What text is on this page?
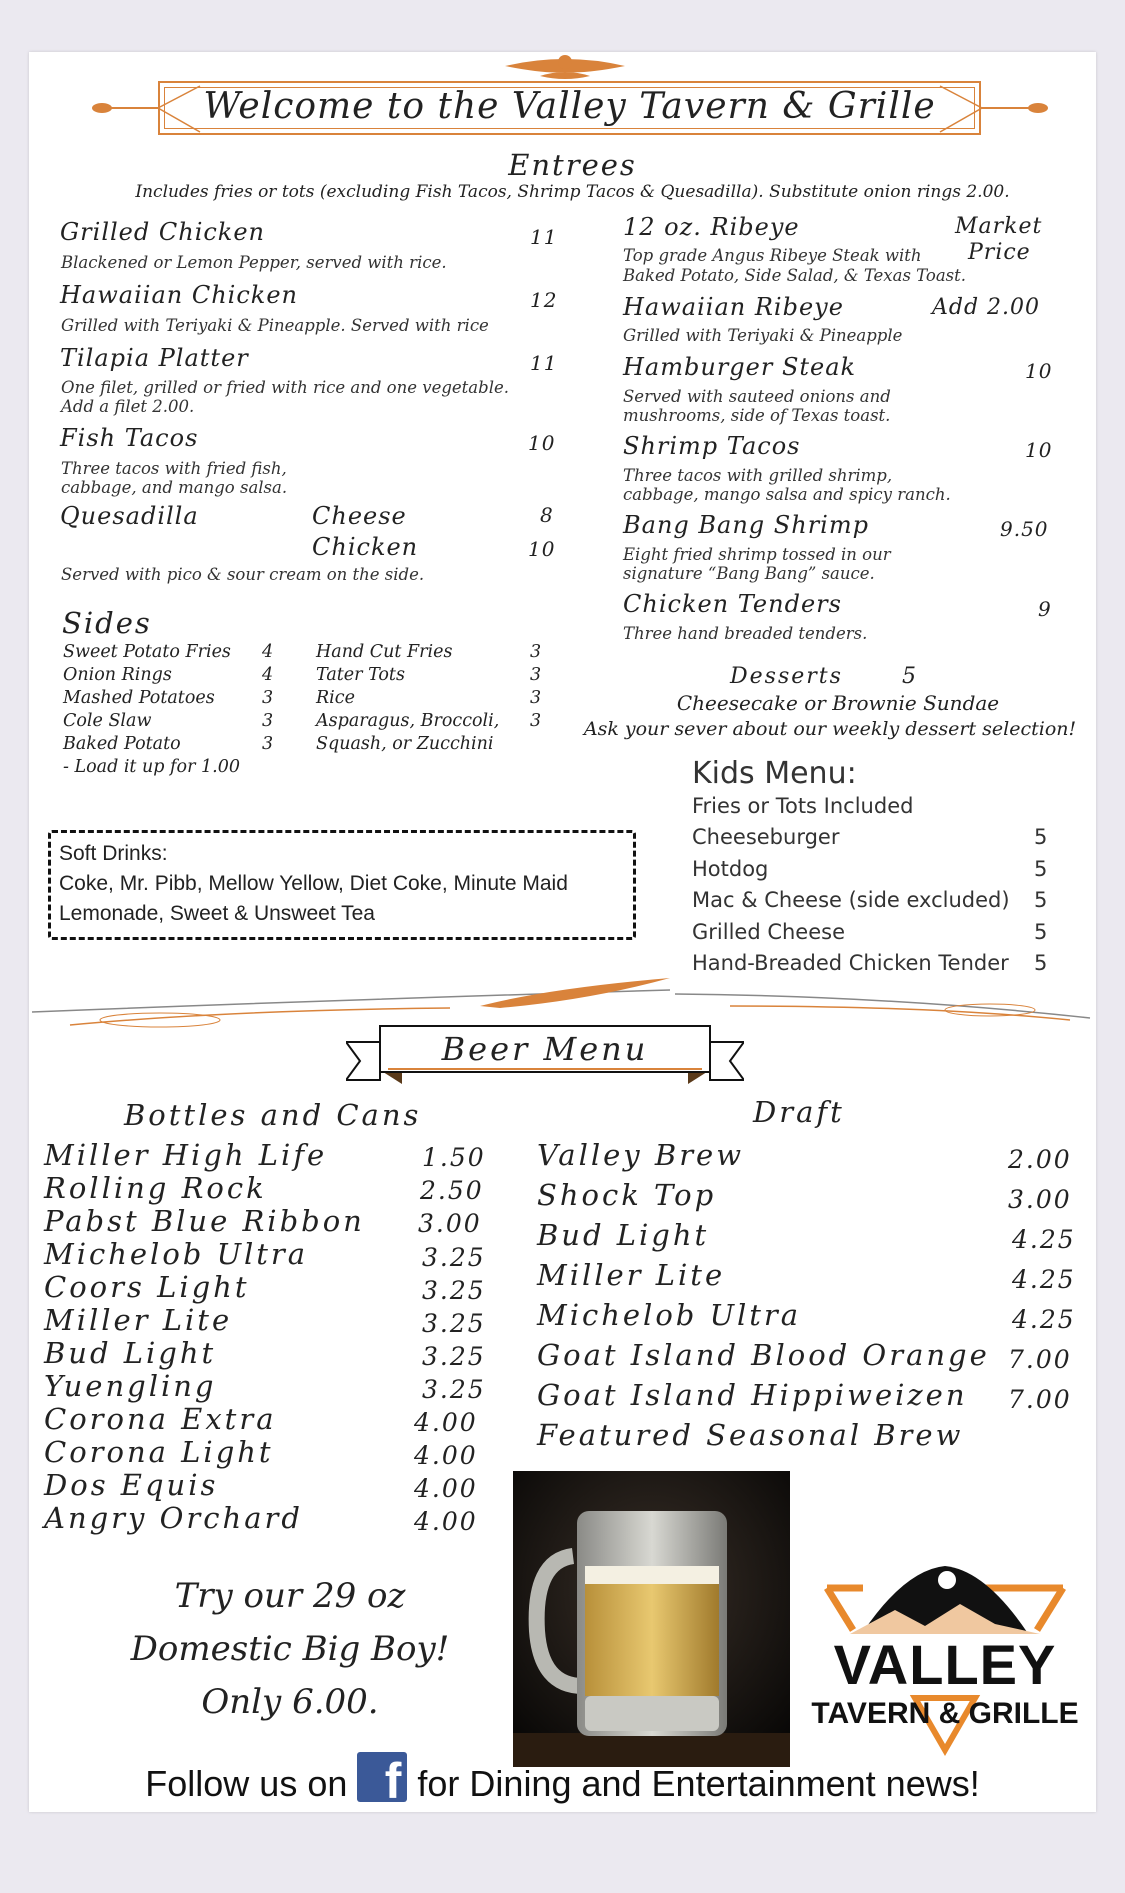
Welcome to the Valley Tavern & Grille
Entrees
Includes fries or tots (excluding Fish Tacos, Shrimp Tacos & Quesadilla). Substitute onion rings 2.00.
Grilled Chicken	11
Blackened or Lemon Pepper, served with rice.
Hawaiian Chicken	12
Grilled with Teriyaki & Pineapple. Served with rice
Tilapia Platter	11
One filet, grilled or fried with rice and one vegetable.
Add a filet 2.00.
Fish Tacos	10
Three tacos with fried fish,
cabbage, and mango salsa.
Quesadilla	Cheese	8
Chicken	10
Served with pico & sour cream on the side.
12 oz. Ribeye	Market
Price
Top grade Angus Ribeye Steak with
Baked Potato, Side Salad, & Texas Toast.
Hawaiian Ribeye	Add 2.00
Grilled with Teriyaki & Pineapple
Hamburger Steak	10
Served with sauteed onions and
mushrooms, side of Texas toast.
Shrimp Tacos	10
Three tacos with grilled shrimp,
cabbage, mango salsa and spicy ranch.
Bang Bang Shrimp	9.50
Eight fried shrimp tossed in our
signature “Bang Bang” sauce.
Chicken Tenders	9
Three hand breaded tenders.
Sides
Sweet Potato Fries 4
Onion Rings	4
Mashed Potatoes	3
Cole Slaw	3
Baked Potato	3
- Load it up for 1.00
Hand Cut Fries	3
Tater Tots	3
Rice	3
Asparagus, Broccoli, 3
Squash, or Zucchini
Desserts	5
Cheesecake or Brownie Sundae
Ask your sever about our weekly dessert selection!
Soft Drinks:
Coke, Mr. Pibb, Mellow Yellow, Diet Coke, Minute Maid
Lemonade, Sweet & Unsweet Tea
Kids Menu:
Fries or Tots Included
Cheeseburger	5
Hotdog	5
Mac & Cheese (side excluded) 5
Grilled Cheese	5
Hand-Breaded Chicken Tender 5
Beer Menu
Bottles and Cans	Draft
Miller High Life	1.50
Rolling Rock	2.50
Pabst Blue Ribbon 3.00
Michelob Ultra	3.25
Coors Light	3.25
Miller Lite	3.25
Bud Light	3.25
Yuengling	3.25
Corona Extra	4.00
Corona Light	4.00
Dos Equis	4.00
Angry Orchard	4.00
Valley Brew	2.00
Shock Top	3.00
Bud Light	4.25
Miller Lite	4.25
Michelob Ultra	4.25
Goat Island Blood Orange 7.00
Goat Island Hippiweizen 7.00
Featured Seasonal Brew
Try our 29 oz
Domestic Big Boy!
Only 6.00.
VALLEY
TAVERN & GRILLE
Follow us on f for Dining and Entertainment news!
